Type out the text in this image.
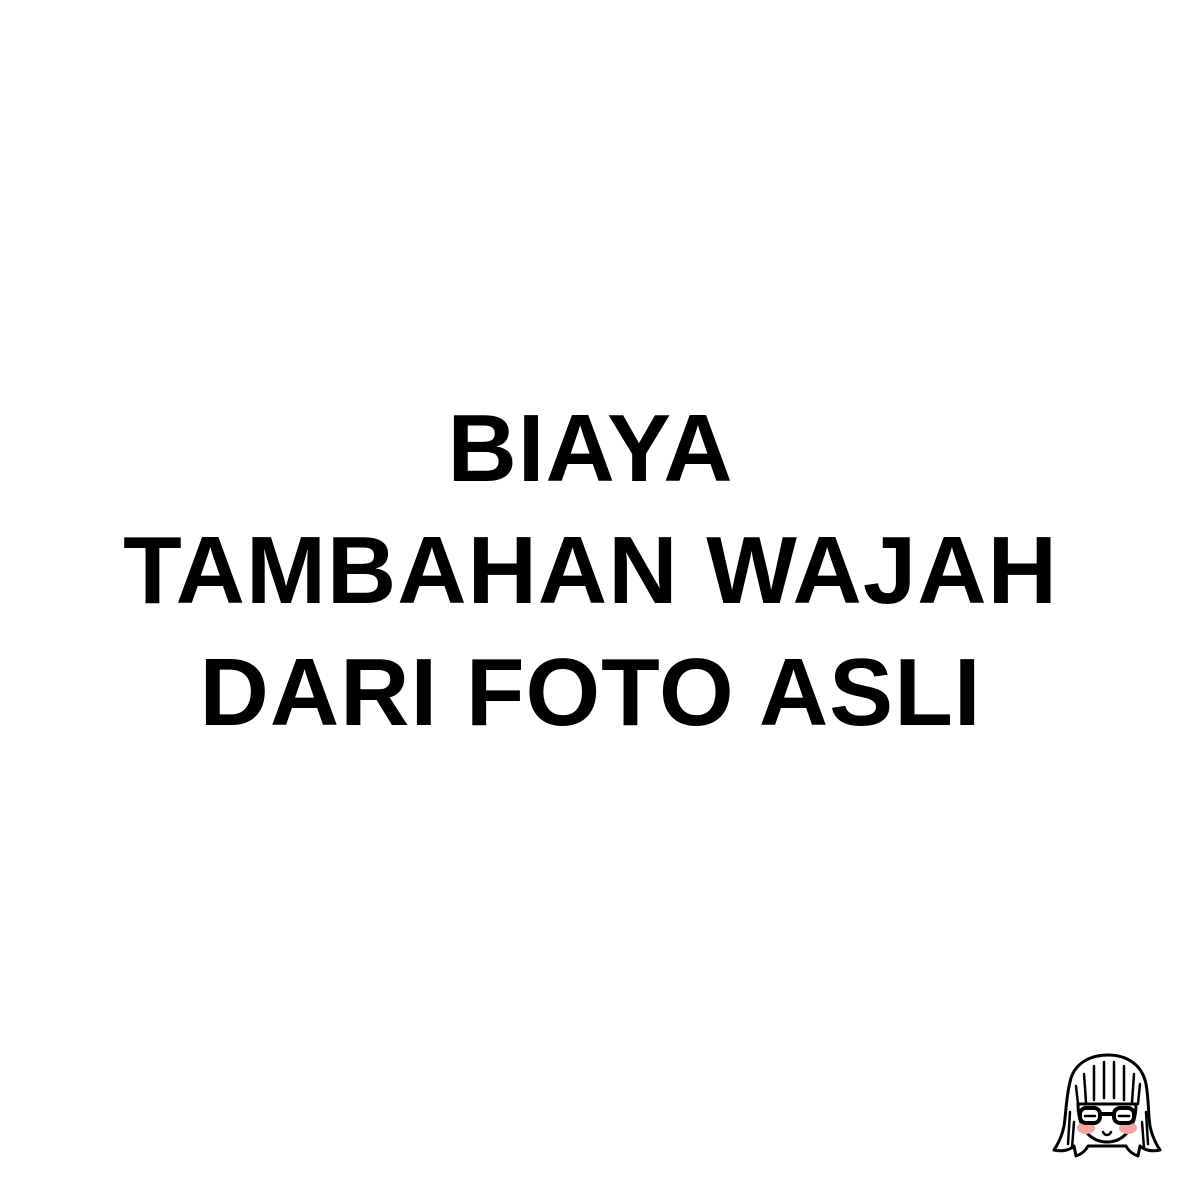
BIAYA
TAMBAHAN WAJAH
DARI FOTO ASLI
